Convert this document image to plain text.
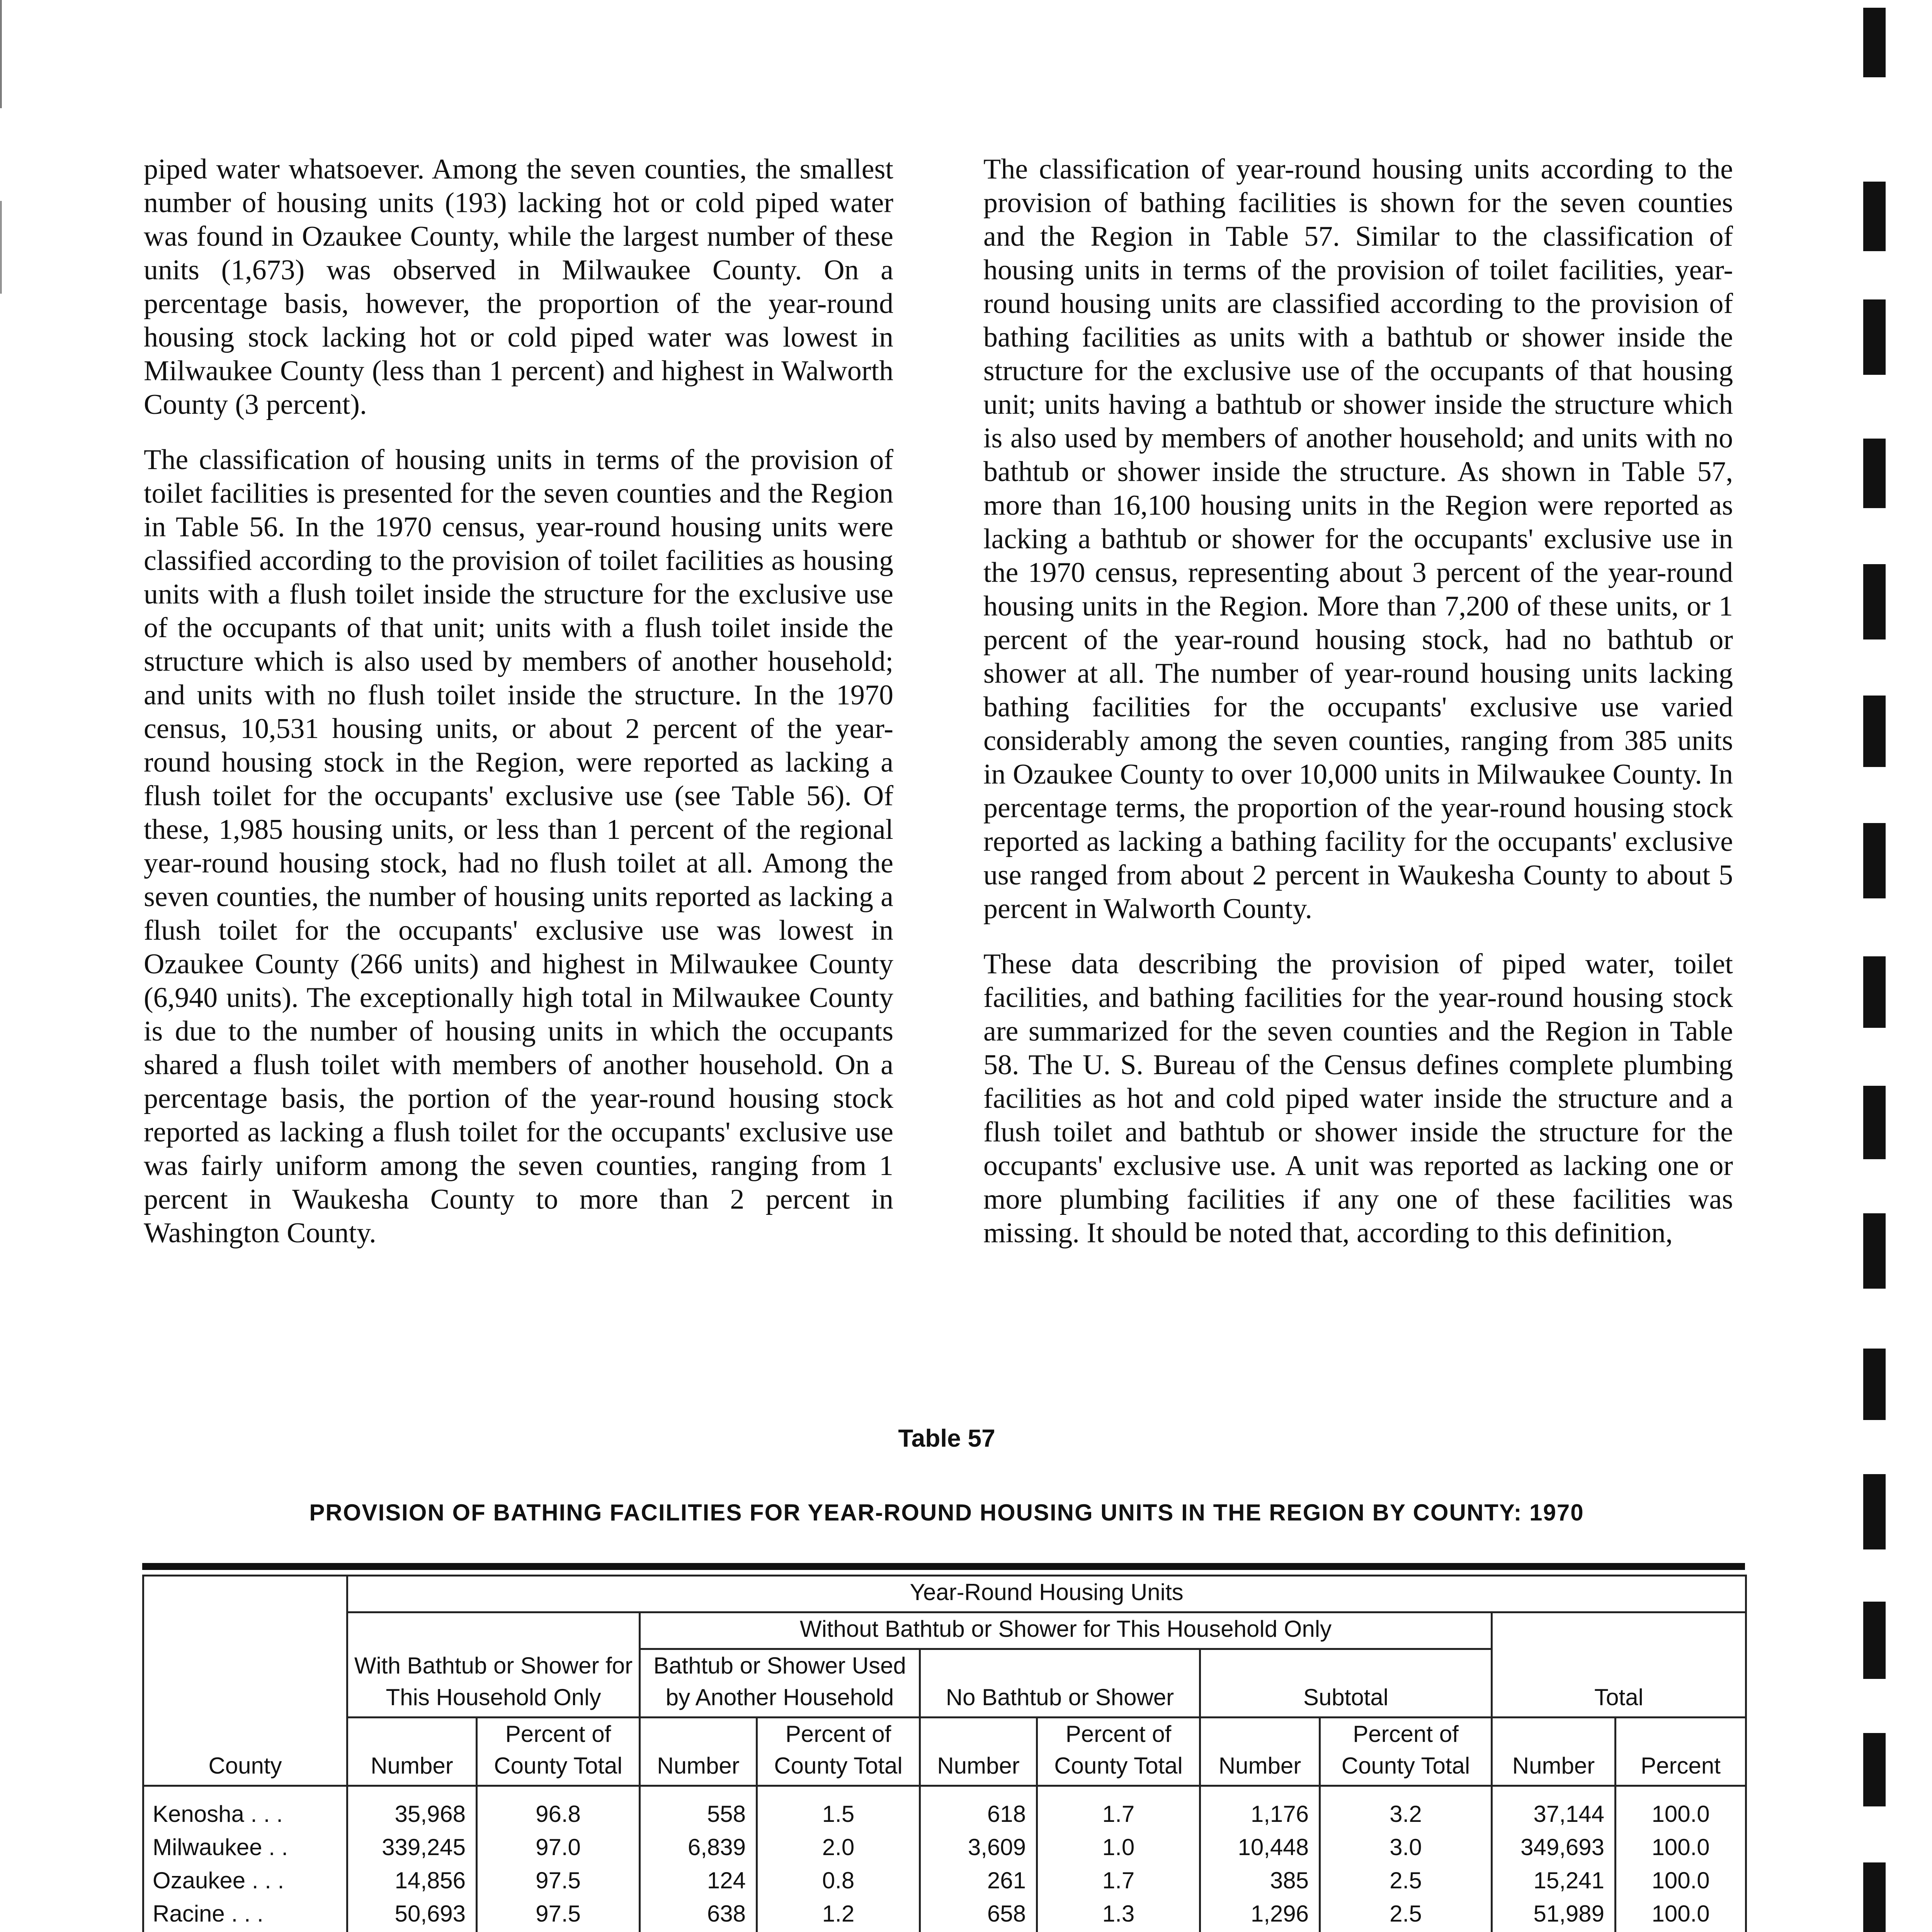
piped water whatsoever. Among the seven counties, the smallest number of housing units (193) lacking hot or cold piped water was found in Ozaukee County, while the largest number of these units (1,673) was observed in Milwaukee County. On a percentage basis, however, the proportion of the year-round housing stock lacking hot or cold piped water was lowest in Milwaukee County (less than 1 percent) and highest in Walworth County (3 percent).

The classification of housing units in terms of the provision of toilet facilities is presented for the seven counties and the Region in Table 56. In the 1970 census, year-round housing units were classified according to the provision of toilet facilities as housing units with a flush toilet inside the structure for the exclusive use of the occupants of that unit; units with a flush toilet inside the structure which is also used by members of another household; and units with no flush toilet inside the structure. In the 1970 census, 10,531 housing units, or about 2 percent of the year-round housing stock in the Region, were reported as lacking a flush toilet for the occupants' exclusive use (see Table 56). Of these, 1,985 housing units, or less than 1 percent of the regional year-round housing stock, had no flush toilet at all. Among the seven counties, the number of housing units reported as lacking a flush toilet for the occupants' exclusive use was lowest in Ozaukee County (266 units) and highest in Milwaukee County (6,940 units). The exceptionally high total in Milwaukee County is due to the number of housing units in which the occupants shared a flush toilet with members of another household. On a percentage basis, the portion of the year-round housing stock reported as lacking a flush toilet for the occupants' exclusive use was fairly uniform among the seven counties, ranging from 1 percent in Waukesha County to more than 2 percent in Washington County.

The classification of year-round housing units according to the provision of bathing facilities is shown for the seven counties and the Region in Table 57. Similar to the classification of housing units in terms of the provision of toilet facilities, year-round housing units are classified according to the provision of bathing facilities as units with a bathtub or shower inside the structure for the exclusive use of the occupants of that housing unit; units having a bathtub or shower inside the structure which is also used by members of another household; and units with no bathtub or shower inside the structure. As shown in Table 57, more than 16,100 housing units in the Region were reported as lacking a bathtub or shower for the occupants' exclusive use in the 1970 census, representing about 3 percent of the year-round housing units in the Region. More than 7,200 of these units, or 1 percent of the year-round housing stock, had no bathtub or shower at all. The number of year-round housing units lacking bathing facilities for the occupants' exclusive use varied considerably among the seven counties, ranging from 385 units in Ozaukee County to over 10,000 units in Milwaukee County. In percentage terms, the proportion of the year-round housing stock reported as lacking a bathing facility for the occupants' exclusive use ranged from about 2 percent in Waukesha County to about 5 percent in Walworth County.

These data describing the provision of piped water, toilet facilities, and bathing facilities for the year-round housing stock are summarized for the seven counties and the Region in Table 58. The U. S. Bureau of the Census defines complete plumbing facilities as hot and cold piped water inside the structure and a flush toilet and bathtub or shower inside the structure for the occupants' exclusive use. A unit was reported as lacking one or more plumbing facilities if any one of these facilities was missing. It should be noted that, according to this definition,

Table 57
PROVISION OF BATHING FACILITIES FOR YEAR-ROUND HOUSING UNITS IN THE REGION BY COUNTY: 1970
County	Year-Round Housing Units									
	With Bathtub or Shower for This Household Only		Without Bathtub or Shower for This Household Only						Total	
			Bathtub or Shower Used by Another Household		No Bathtub or Shower		Subtotal			
	Number	Percent of County Total	Number	Percent of County Total	Number	Percent of County Total	Number	Percent of County Total	Number	Percent
Kenosha . . .	35,968	96.8	558	1.5	618	1.7	1,176	3.2	37,144	100.0
Milwaukee . .	339,245	97.0	6,839	2.0	3,609	1.0	10,448	3.0	349,693	100.0
Ozaukee . . .	14,856	97.5	124	0.8	261	1.7	385	2.5	15,241	100.0
Racine . . .	50,693	97.5	638	1.2	658	1.3	1,296	2.5	51,989	100.0
